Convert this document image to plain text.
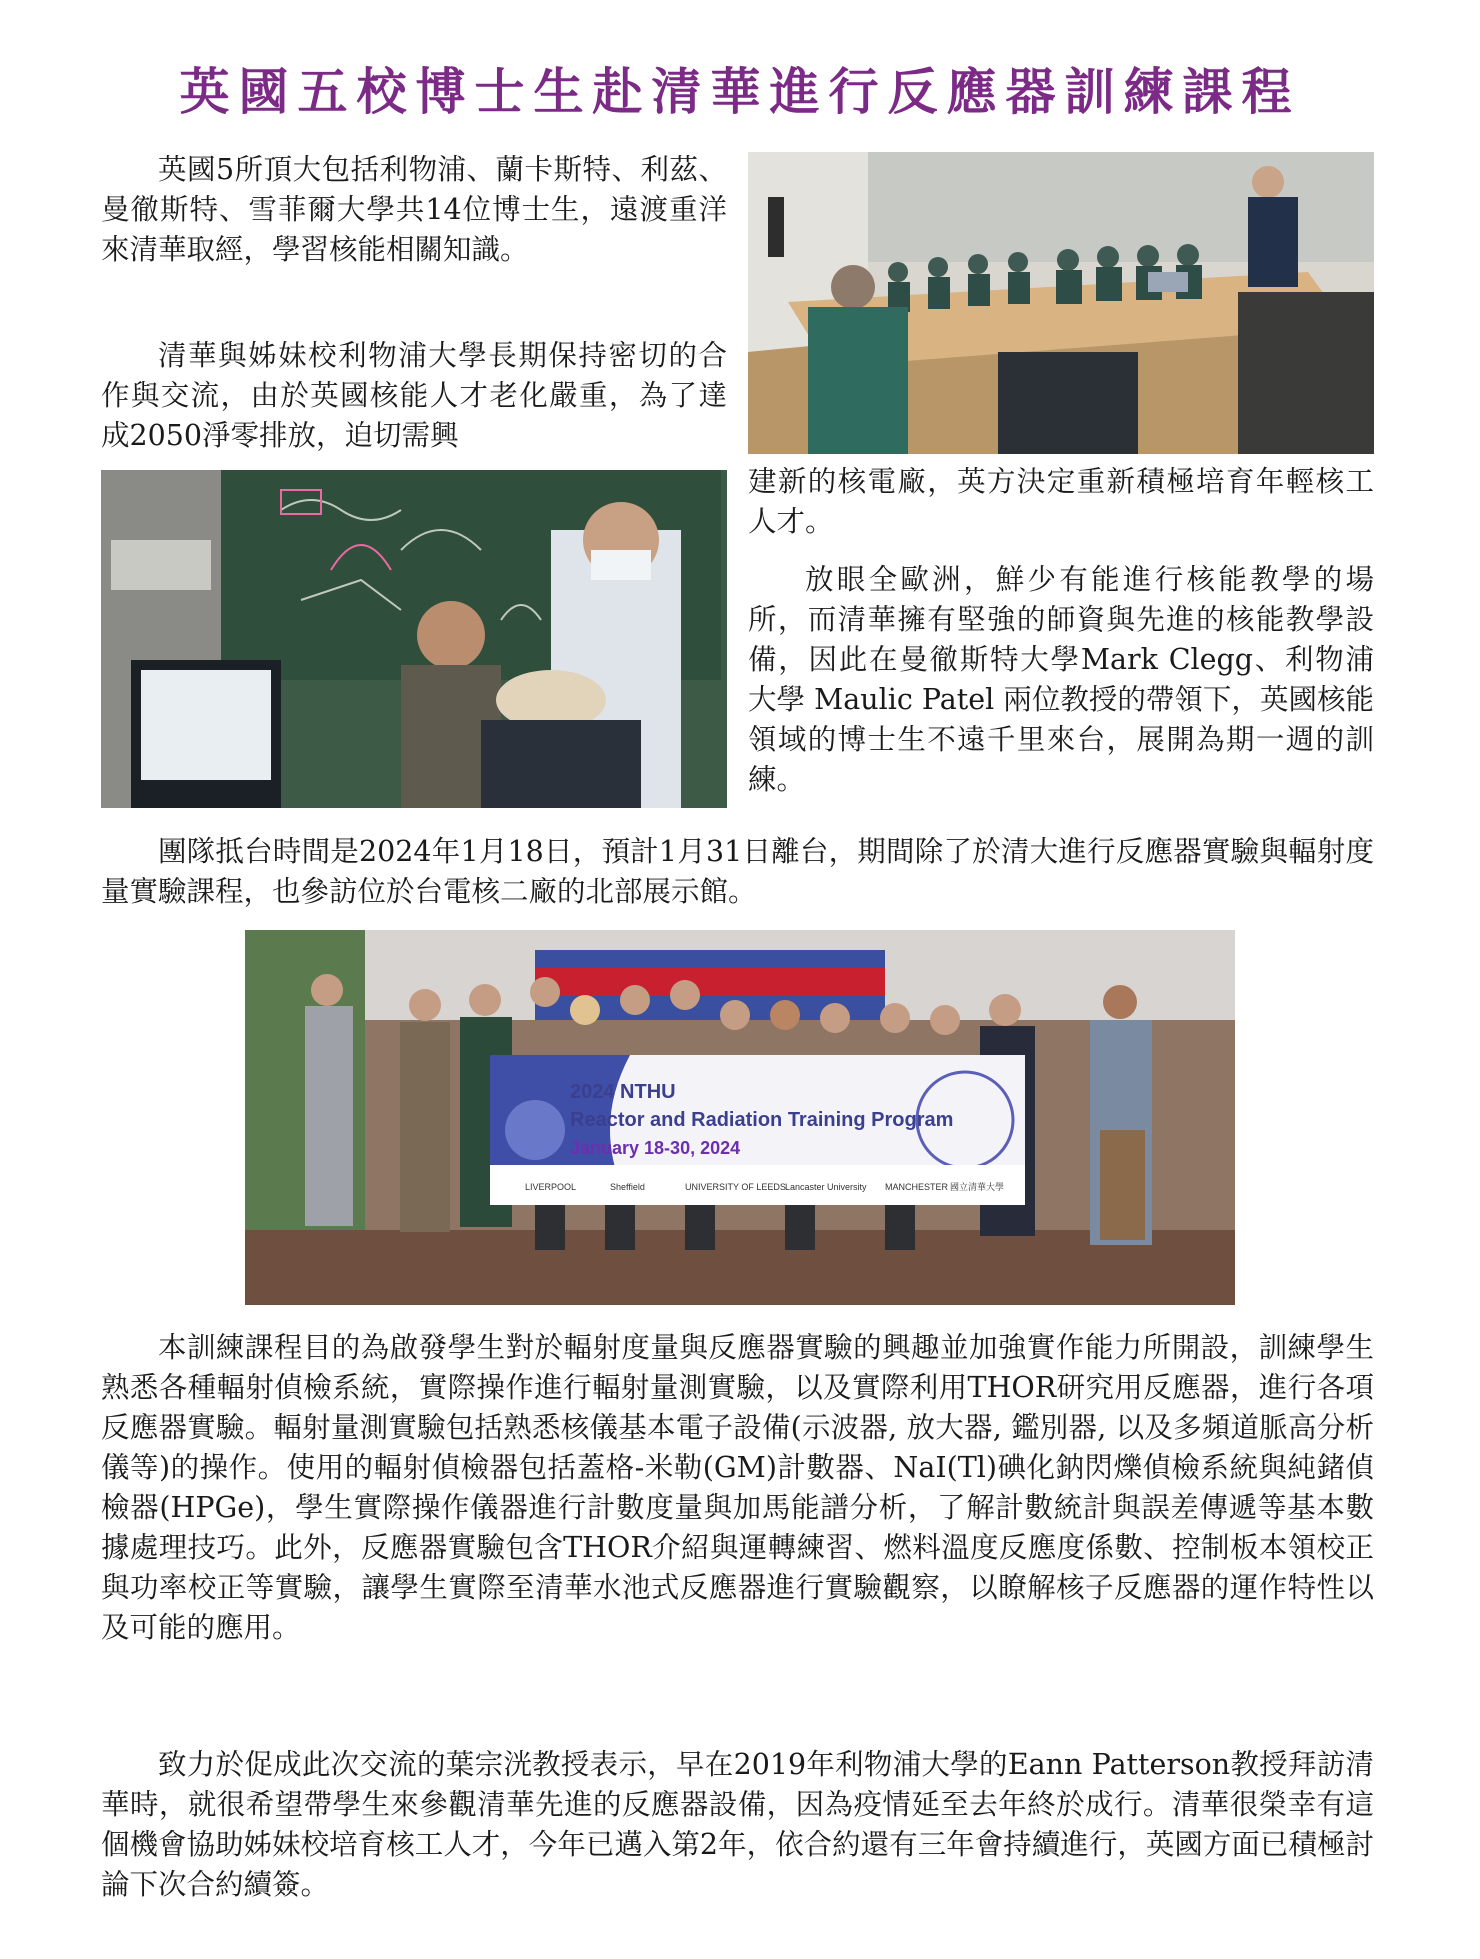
英國五校博士生赴清華進行反應器訓練課程

英國5所頂大包括利物浦、蘭卡斯特、利茲、曼徹斯特、雪菲爾大學共14位博士生，遠渡重洋來清華取經，學習核能相關知識。

清華與姊妹校利物浦大學長期保持密切的合作與交流，由於英國核能人才老化嚴重，為了達成2050淨零排放，迫切需興

建新的核電廠，英方決定重新積極培育年輕核工人才。

放眼全歐洲，鮮少有能進行核能教學的場所，而清華擁有堅強的師資與先進的核能教學設備，因此在曼徹斯特大學Mark Clegg、利物浦大學 Maulic Patel 兩位教授的帶領下，英國核能領域的博士生不遠千里來台，展開為期一週的訓練。

團隊抵台時間是2024年1月18日，預計1月31日離台，期間除了於清大進行反應器實驗與輻射度量實驗課程，也參訪位於台電核二廠的北部展示館。

2024 NTHU
Reactor and Radiation Training Program
January 18-30, 2024
LIVERPOOL	Sheffield	UNIVERSITY OF LEEDS Lancaster University MANCHESTER 國立清華大學

本訓練課程目的為啟發學生對於輻射度量與反應器實驗的興趣並加強實作能力所開設，訓練學生熟悉各種輻射偵檢系統，實際操作進行輻射量測實驗，以及實際利用THOR研究用反應器，進行各項反應器實驗。輻射量測實驗包括熟悉核儀基本電子設備(示波器, 放大器, 鑑別器, 以及多頻道脈高分析儀等)的操作。使用的輻射偵檢器包括蓋格-米勒(GM)計數器、NaI(Tl)碘化鈉閃爍偵檢系統與純鍺偵檢器(HPGe)，學生實際操作儀器進行計數度量與加馬能譜分析，了解計數統計與誤差傳遞等基本數據處理技巧。此外，反應器實驗包含THOR介紹與運轉練習、燃料溫度反應度係數、控制板本領校正與功率校正等實驗，讓學生實際至清華水池式反應器進行實驗觀察，以瞭解核子反應器的運作特性以及可能的應用。

致力於促成此次交流的葉宗洸教授表示，早在2019年利物浦大學的Eann Patterson教授拜訪清華時，就很希望帶學生來參觀清華先進的反應器設備，因為疫情延至去年終於成行。清華很榮幸有這個機會協助姊妹校培育核工人才，今年已邁入第2年，依合約還有三年會持續進行，英國方面已積極討論下次合約續簽。
